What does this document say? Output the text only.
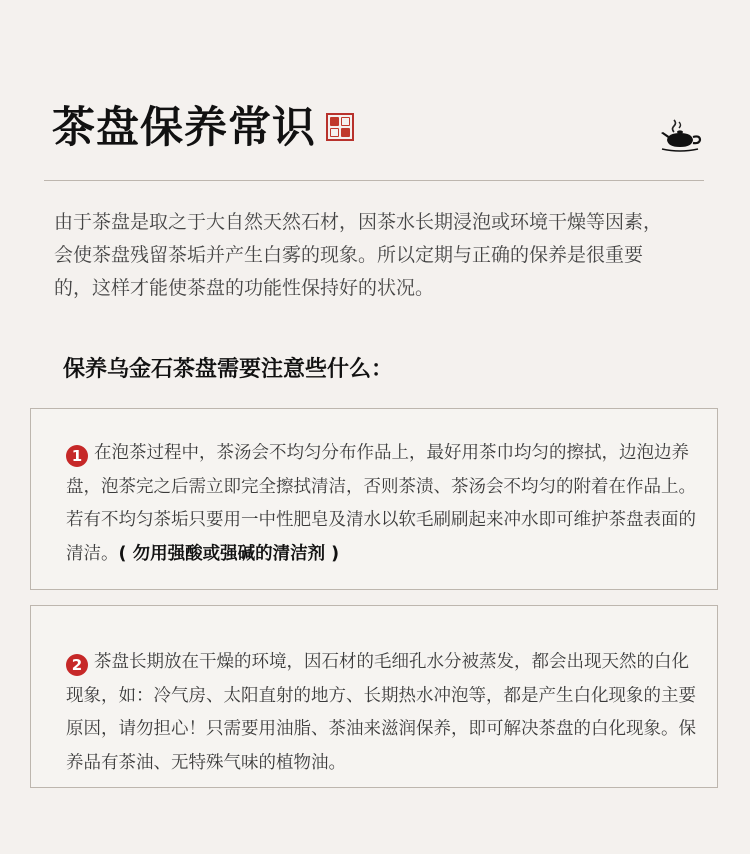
茶盘保养常识

由于茶盘是取之于大自然天然石材，因茶水长期浸泡或环境干燥等因素，会使茶盘残留茶垢并产生白雾的现象。所以定期与正确的保养是很重要的，这样才能使茶盘的功能性保持好的状况。

保养乌金石茶盘需要注意些什么：

1 在泡茶过程中，茶汤会不均匀分布作品上，最好用茶巾均匀的擦拭，边泡边养盘，泡茶完之后需立即完全擦拭清洁，否则茶渍、茶汤会不均匀的附着在作品上。若有不均匀茶垢只要用一中性肥皂及清水以软毛刷刷起来冲水即可维护茶盘表面的清洁。( 勿用强酸或强碱的清洁剂 )

2 茶盘长期放在干燥的环境，因石材的毛细孔水分被蒸发，都会出现天然的白化现象，如：冷气房、太阳直射的地方、长期热水冲泡等，都是产生白化现象的主要原因，请勿担心！只需要用油脂、茶油来滋润保养，即可解决茶盘的白化现象。保养品有茶油、无特殊气味的植物油。
